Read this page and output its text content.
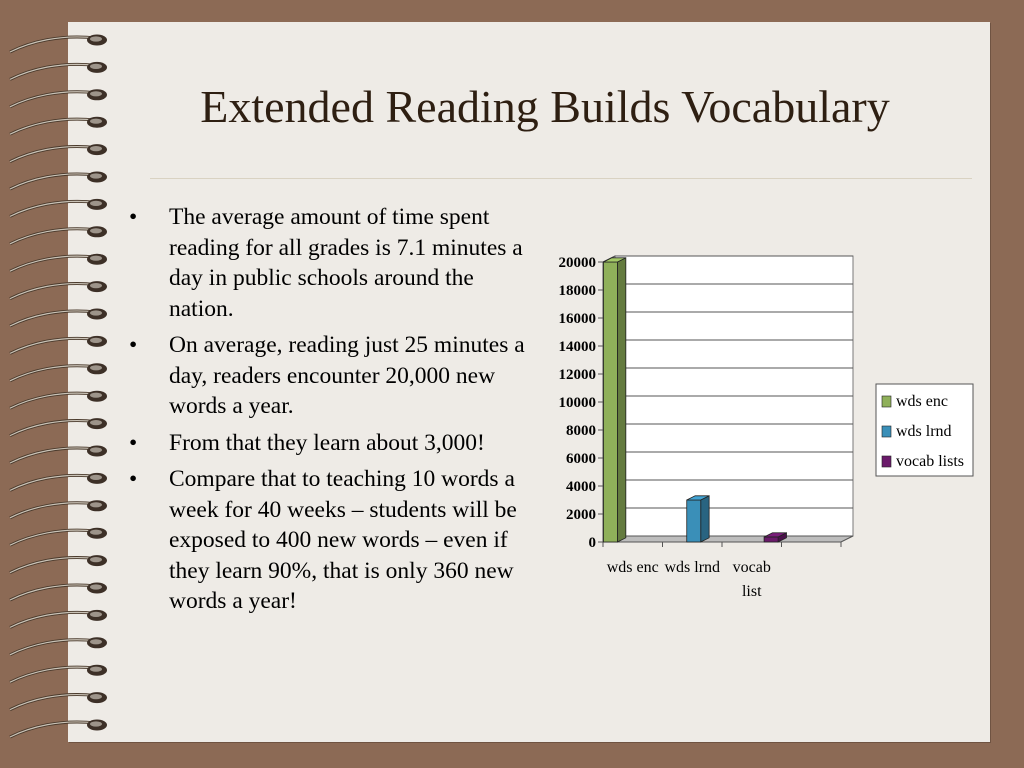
Extended Reading Builds Vocabulary
• The average amount of time spent reading for all grades is 7.1 minutes a day in public schools around the nation.
• On average, reading just 25 minutes a day, readers encounter 20,000 new words a year.
• From that they learn about 3,000!
• Compare that to teaching 10 words a week for 40 weeks – students will be exposed to 400 new words – even if they learn 90%, that is only 360 new words a year!
0
2000
4000
6000
8000
10000
12000
14000
16000
18000
20000
wds enc wds lrnd vocab
list
wds enc
wds lrnd
vocab lists
